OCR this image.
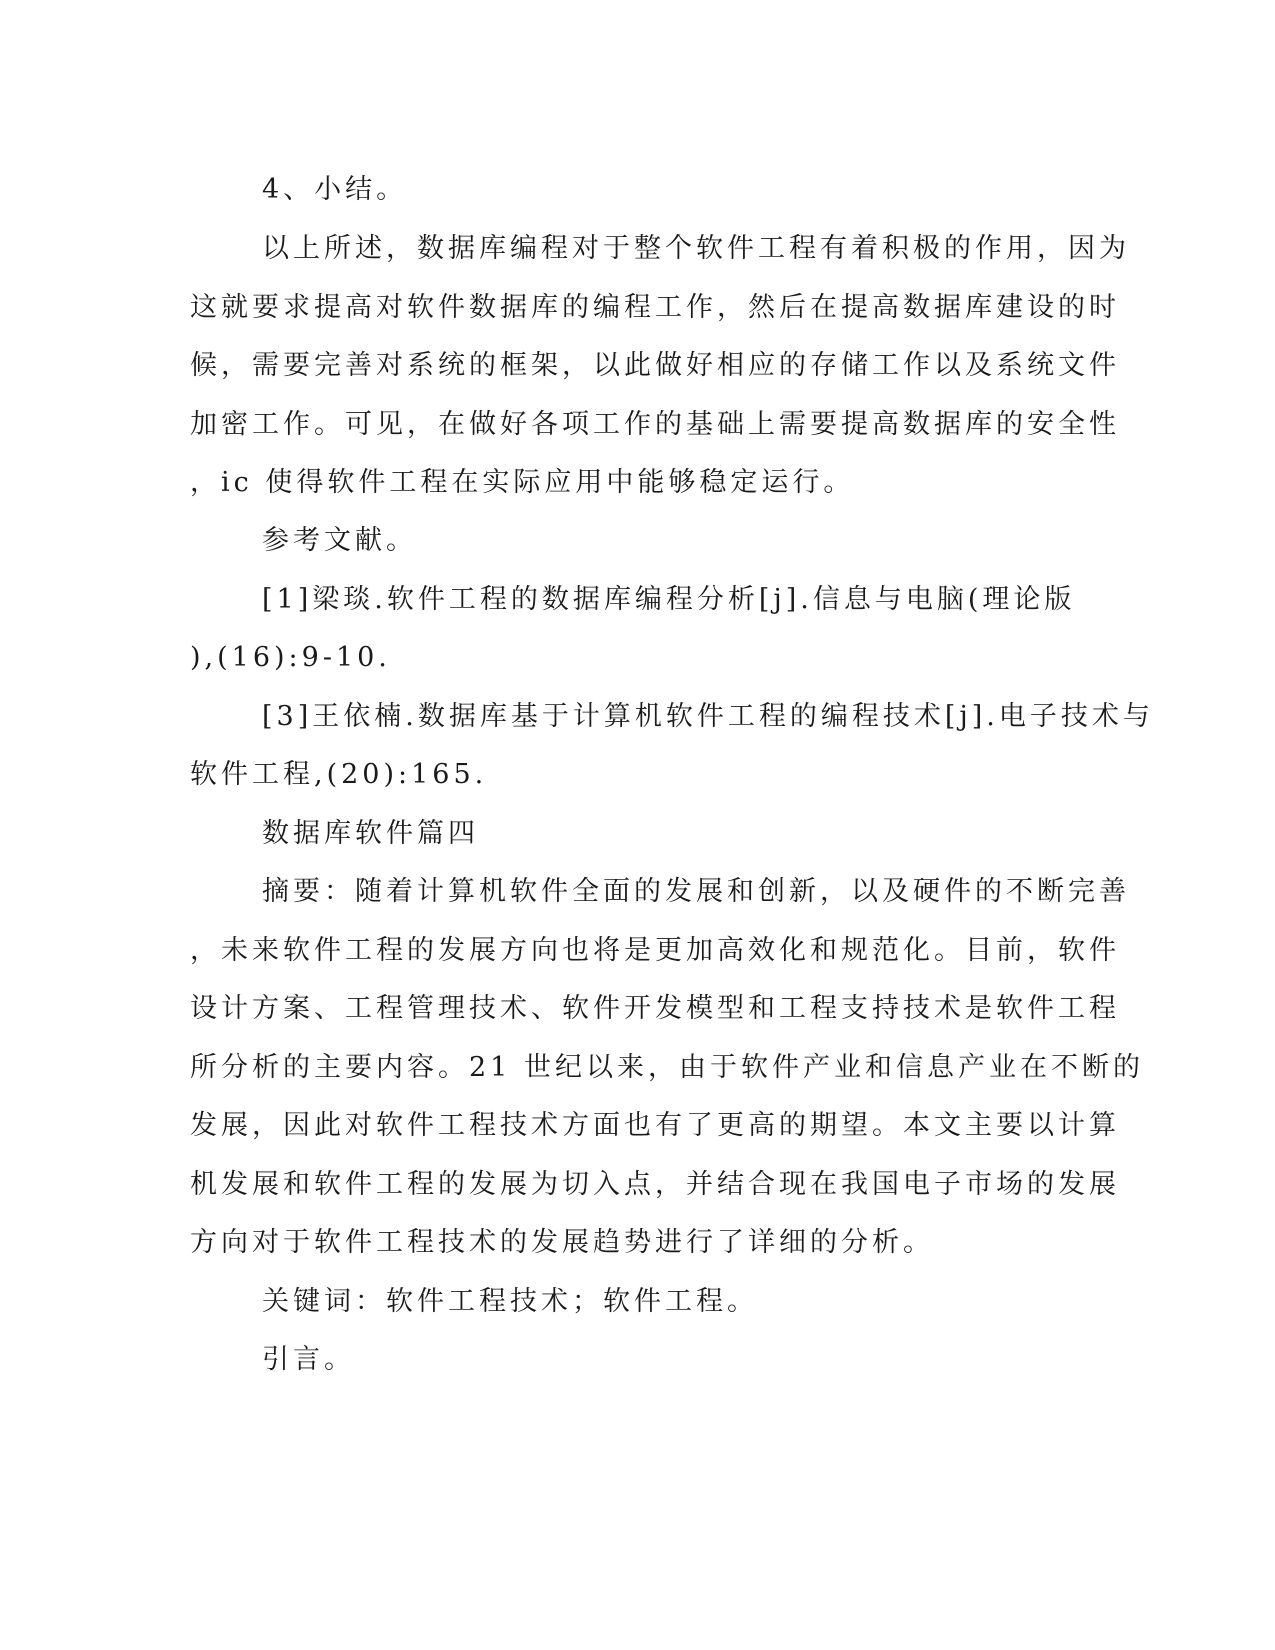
4、小结。
以上所述，数据库编程对于整个软件工程有着积极的作用，因为
这就要求提高对软件数据库的编程工作，然后在提高数据库建设的时
候，需要完善对系统的框架，以此做好相应的存储工作以及系统文件
加密工作。可见，在做好各项工作的基础上需要提高数据库的安全性
，ic 使得软件工程在实际应用中能够稳定运行。
参考文献。
[1]梁琰.软件工程的数据库编程分析[j].信息与电脑(理论版
),(16):9-10.
[3]王依楠.数据库基于计算机软件工程的编程技术[j].电子技术与
软件工程,(20):165.
数据库软件篇四
摘要：随着计算机软件全面的发展和创新，以及硬件的不断完善
，未来软件工程的发展方向也将是更加高效化和规范化。目前，软件
设计方案、工程管理技术、软件开发模型和工程支持技术是软件工程
所分析的主要内容。21 世纪以来，由于软件产业和信息产业在不断的
发展，因此对软件工程技术方面也有了更高的期望。本文主要以计算
机发展和软件工程的发展为切入点，并结合现在我国电子市场的发展
方向对于软件工程技术的发展趋势进行了详细的分析。
关键词：软件工程技术；软件工程。
引言。
